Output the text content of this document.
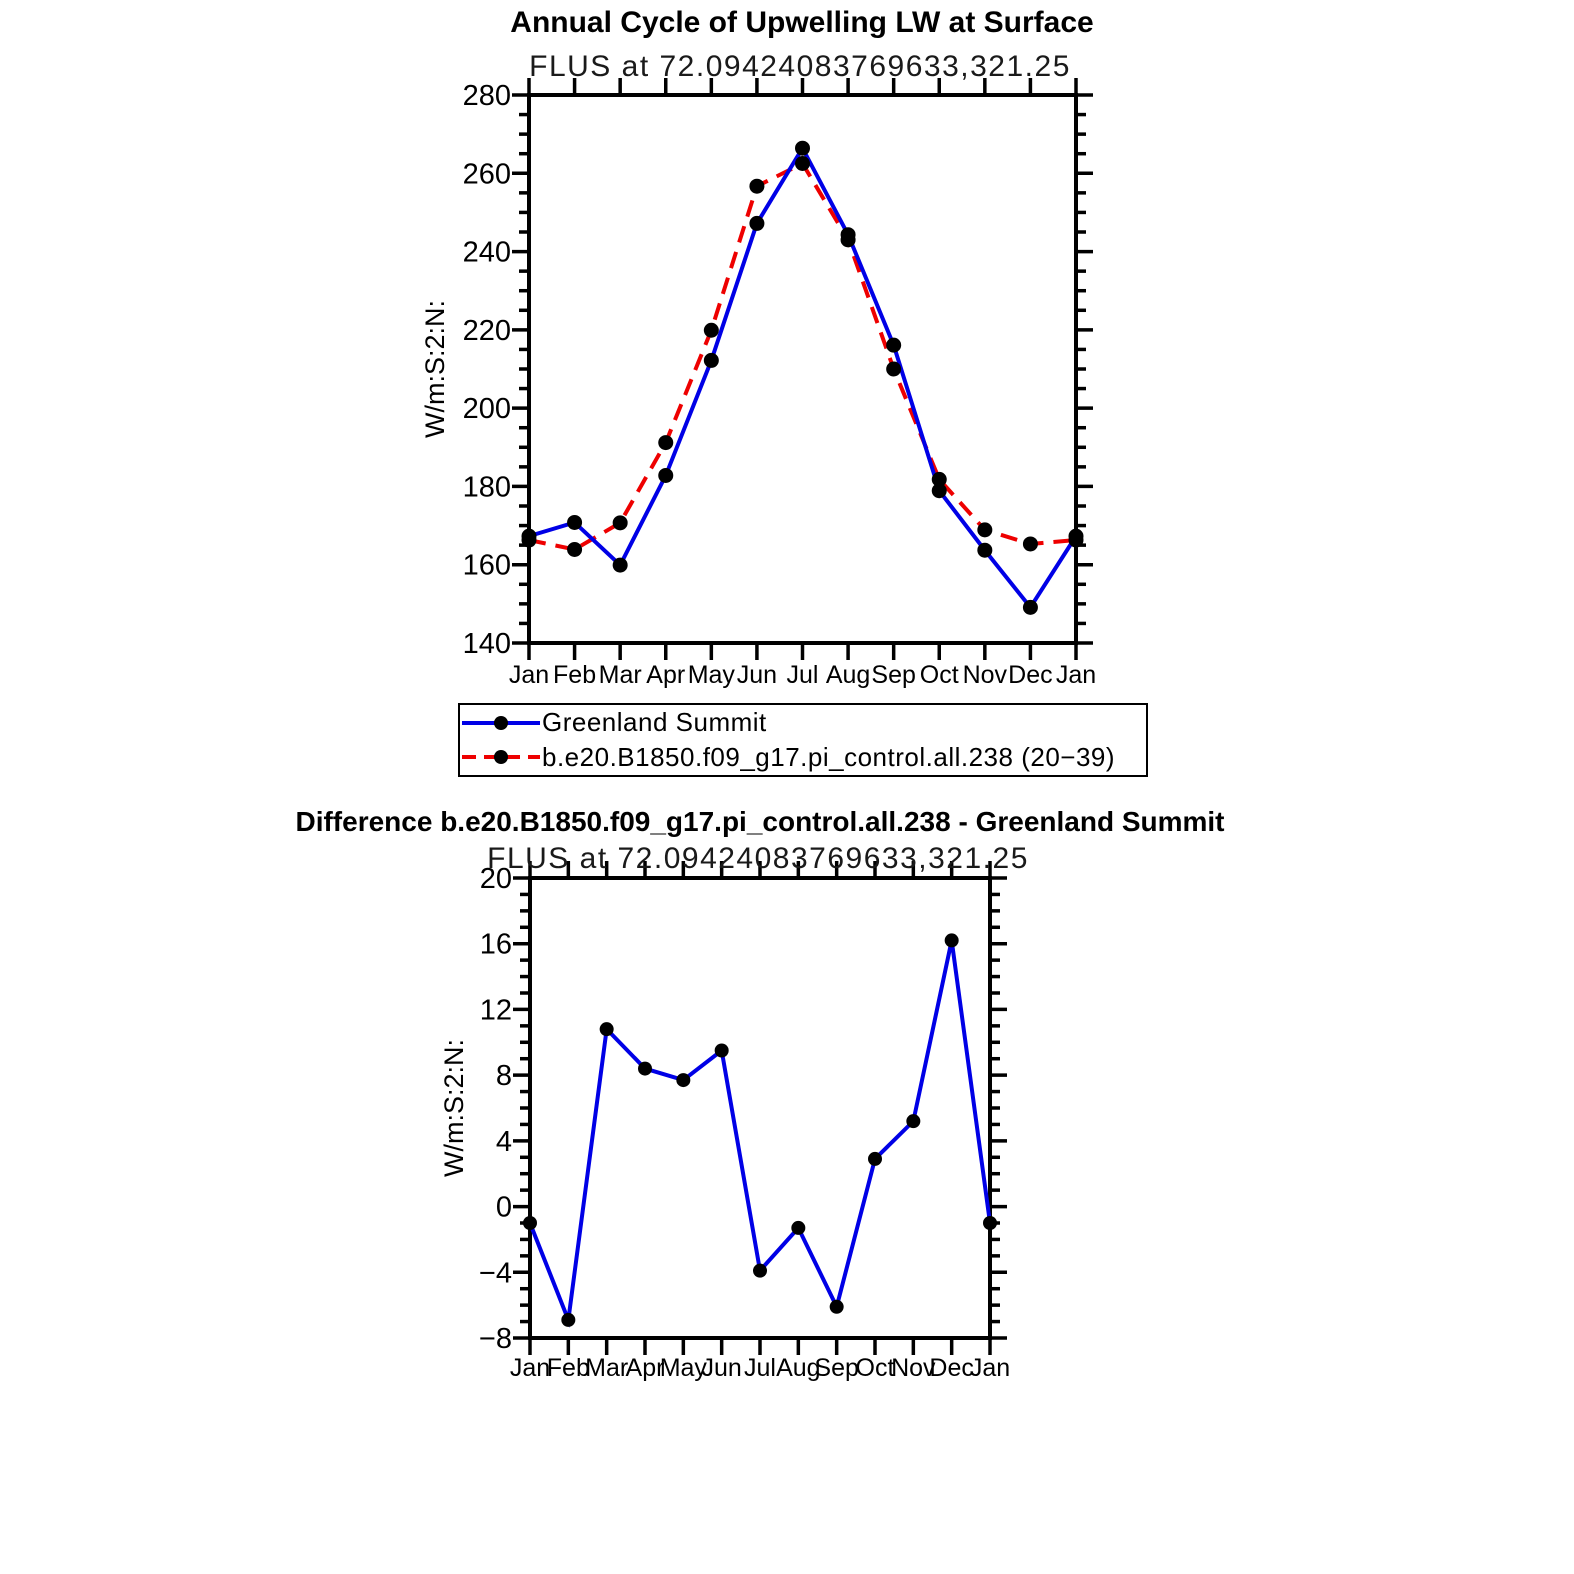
140
160
180
200
220
240
260
280
Jan Feb Mar Apr May Jun Jul Aug Sep Oct Nov Dec Jan
W/m:S:2:N:
−8
−4
0
4
8
12
16
20
Jan
Feb
Mar
Apr
May
Jun Jul Aug
Sep
Oct
Nov
Dec
Jan
W/m:S:2:N:
Annual Cycle of Upwelling LW at Surface
FLUS at 72.09424083769633,321.25
Greenland Summit
b.e20.B1850.f09_g17.pi_control.all.238 (20−39)
Difference b.e20.B1850.f09_g17.pi_control.all.238 - Greenland Summit
FLUS at 72.09424083769633,321.25
